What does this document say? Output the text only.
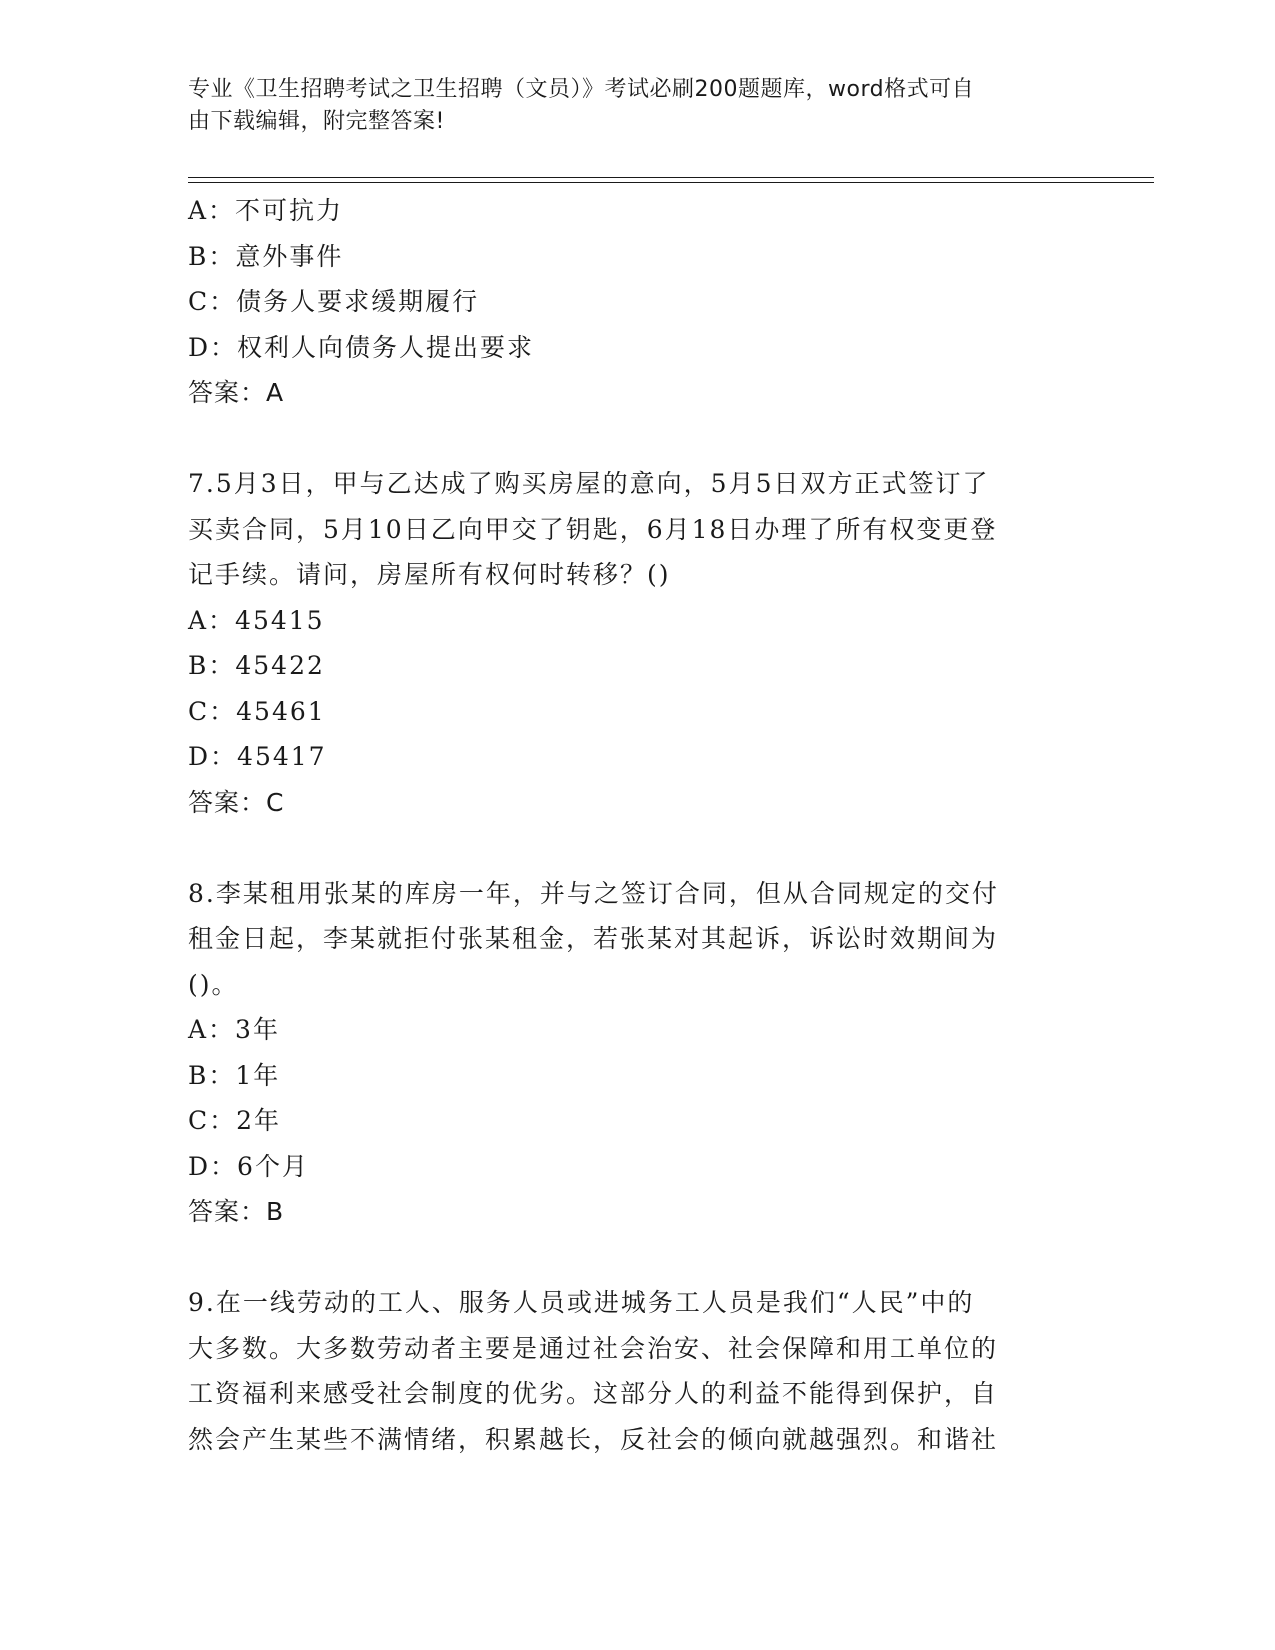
专业《卫生招聘考试之卫生招聘（文员）》考试必刷200题题库，word格式可自
由下载编辑，附完整答案!
A：不可抗力
B：意外事件
C：债务人要求缓期履行
D：权利人向债务人提出要求
答案：A
7.5月3日，甲与乙达成了购买房屋的意向，5月5日双方正式签订了
买卖合同，5月10日乙向甲交了钥匙，6月18日办理了所有权变更登
记手续。请问，房屋所有权何时转移？()
A：45415
B：45422
C：45461
D：45417
答案：C
8.李某租用张某的库房一年，并与之签订合同，但从合同规定的交付
租金日起，李某就拒付张某租金，若张某对其起诉，诉讼时效期间为
()。
A：3年
B：1年
C：2年
D：6个月
答案：B
9.在一线劳动的工人、服务人员或进城务工人员是我们“人民”中的
大多数。大多数劳动者主要是通过社会治安、社会保障和用工单位的
工资福利来感受社会制度的优劣。这部分人的利益不能得到保护，自
然会产生某些不满情绪，积累越长，反社会的倾向就越强烈。和谐社
